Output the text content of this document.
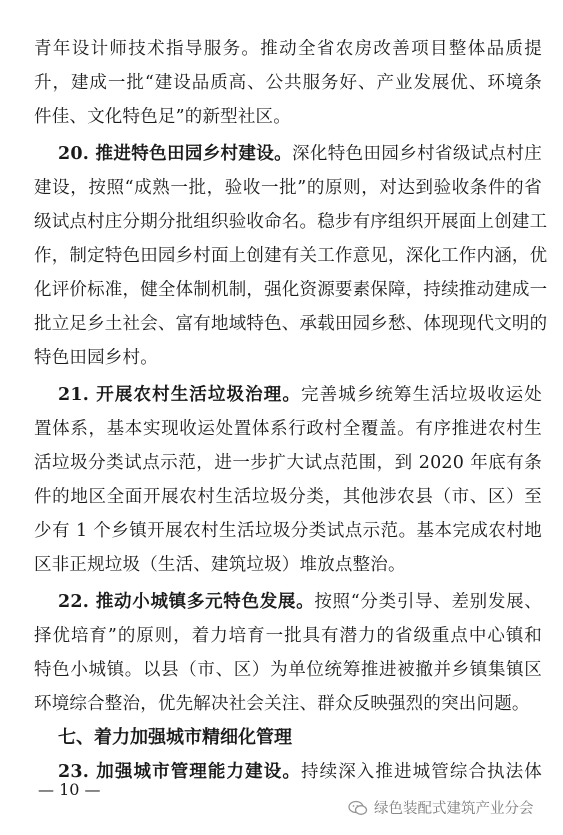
青年设计师技术指导服务。推动全省农房改善项目整体品质提
升，建成一批“建设品质高、公共服务好、产业发展优、环境条
件佳、文化特色足”的新型社区。
20. 推进特色田园乡村建设。深化特色田园乡村省级试点村庄
建设，按照“成熟一批，验收一批”的原则，对达到验收条件的省
级试点村庄分期分批组织验收命名。稳步有序组织开展面上创建工
作，制定特色田园乡村面上创建有关工作意见，深化工作内涵，优
化评价标准，健全体制机制，强化资源要素保障，持续推动建成一
批立足乡土社会、富有地域特色、承载田园乡愁、体现现代文明的
特色田园乡村。
21. 开展农村生活垃圾治理。完善城乡统筹生活垃圾收运处
置体系，基本实现收运处置体系行政村全覆盖。有序推进农村生
活垃圾分类试点示范，进一步扩大试点范围，到 2020 年底有条
件的地区全面开展农村生活垃圾分类，其他涉农县（市、区）至
少有 1 个乡镇开展农村生活垃圾分类试点示范。基本完成农村地
区非正规垃圾（生活、建筑垃圾）堆放点整治。
22. 推动小城镇多元特色发展。按照“分类引导、差别发展、
择优培育”的原则，着力培育一批具有潜力的省级重点中心镇和
特色小城镇。以县（市、区）为单位统筹推进被撤并乡镇集镇区
环境综合整治，优先解决社会关注、群众反映强烈的突出问题。
七、着力加强城市精细化管理
23. 加强城市管理能力建设。持续深入推进城管综合执法体
— 10 —
绿色装配式建筑产业分会
